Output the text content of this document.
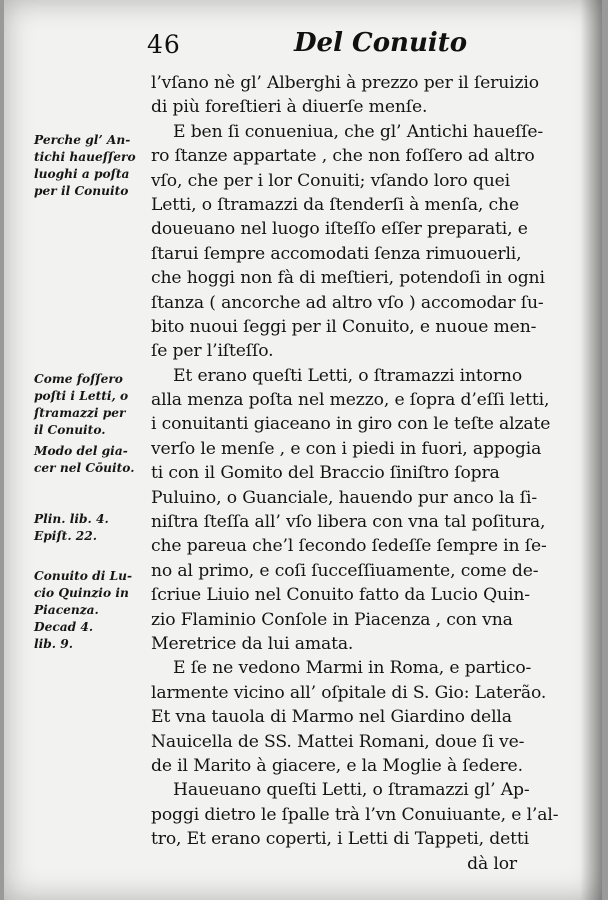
46	Del Conuito
l’vſano nè gl’ Alberghi à prezzo per il ſeruizio
di più foreſtieri à diuerſe menſe.
E ben ſi conueniua, che gl’ Antichi haueſſe-
ro ſtanze appartate , che non foſſero ad altro
vſo, che per i lor Conuiti; vſando loro quei
Letti, o ſtramazzi da ſtenderſi à menſa, che
doueuano nel luogo iſteſſo eſſer preparati, e
ſtarui ſempre accomodati ſenza rimuouerli,
che hoggi non fà di meſtieri, potendoſi in ogni
ſtanza ( ancorche ad altro vſo ) accomodar ſu-
bito nuoui ſeggi per il Conuito, e nuoue men-
ſe per l’iſteſſo.
Et erano queſti Letti, o ſtramazzi intorno
alla menza poſta nel mezzo, e ſopra d’eſſi letti,
i conuitanti giaceano in giro con le teſte alzate
verſo le menſe , e con i piedi in fuori, appogia
ti con il Gomito del Braccio ſiniſtro ſopra
Puluino, o Guanciale, hauendo pur anco la ſi-
niſtra ſteſſa all’ vſo libera con vna tal poſitura,
che pareua che’l ſecondo ſedeſſe ſempre in ſe-
no al primo, e coſi ſucceſſiuamente, come de-
ſcriue Liuio nel Conuito fatto da Lucio Quin-
zio Flaminio Conſole in Piacenza , con vna
Meretrice da lui amata.
E ſe ne vedono Marmi in Roma, e partico-
larmente vicino all’ oſpitale di S. Gio: Laterão.
Et vna tauola di Marmo nel Giardino della
Nauicella de SS. Mattei Romani, doue ſi ve-
de il Marito à giacere, e la Moglie à ſedere.
Haueuano queſti Letti, o ſtramazzi gl’ Ap-
poggi dietro le ſpalle trà l’vn Conuiuante, e l’al-
tro, Et erano coperti, i Letti di Tappeti, detti
dà lor
Perche gl’ An-
tichi haueſſero
luoghi a poſta
per il Conuito
Come foſſero
poſti i Letti, o
ſtramazzi per
il Conuito.
Modo del gia-
cer nel Cōuito.
Plin. lib. 4.
Epiſt. 22.
Conuito di Lu-
cio Quinzio in
Piacenza.
Decad 4.
lib. 9.
